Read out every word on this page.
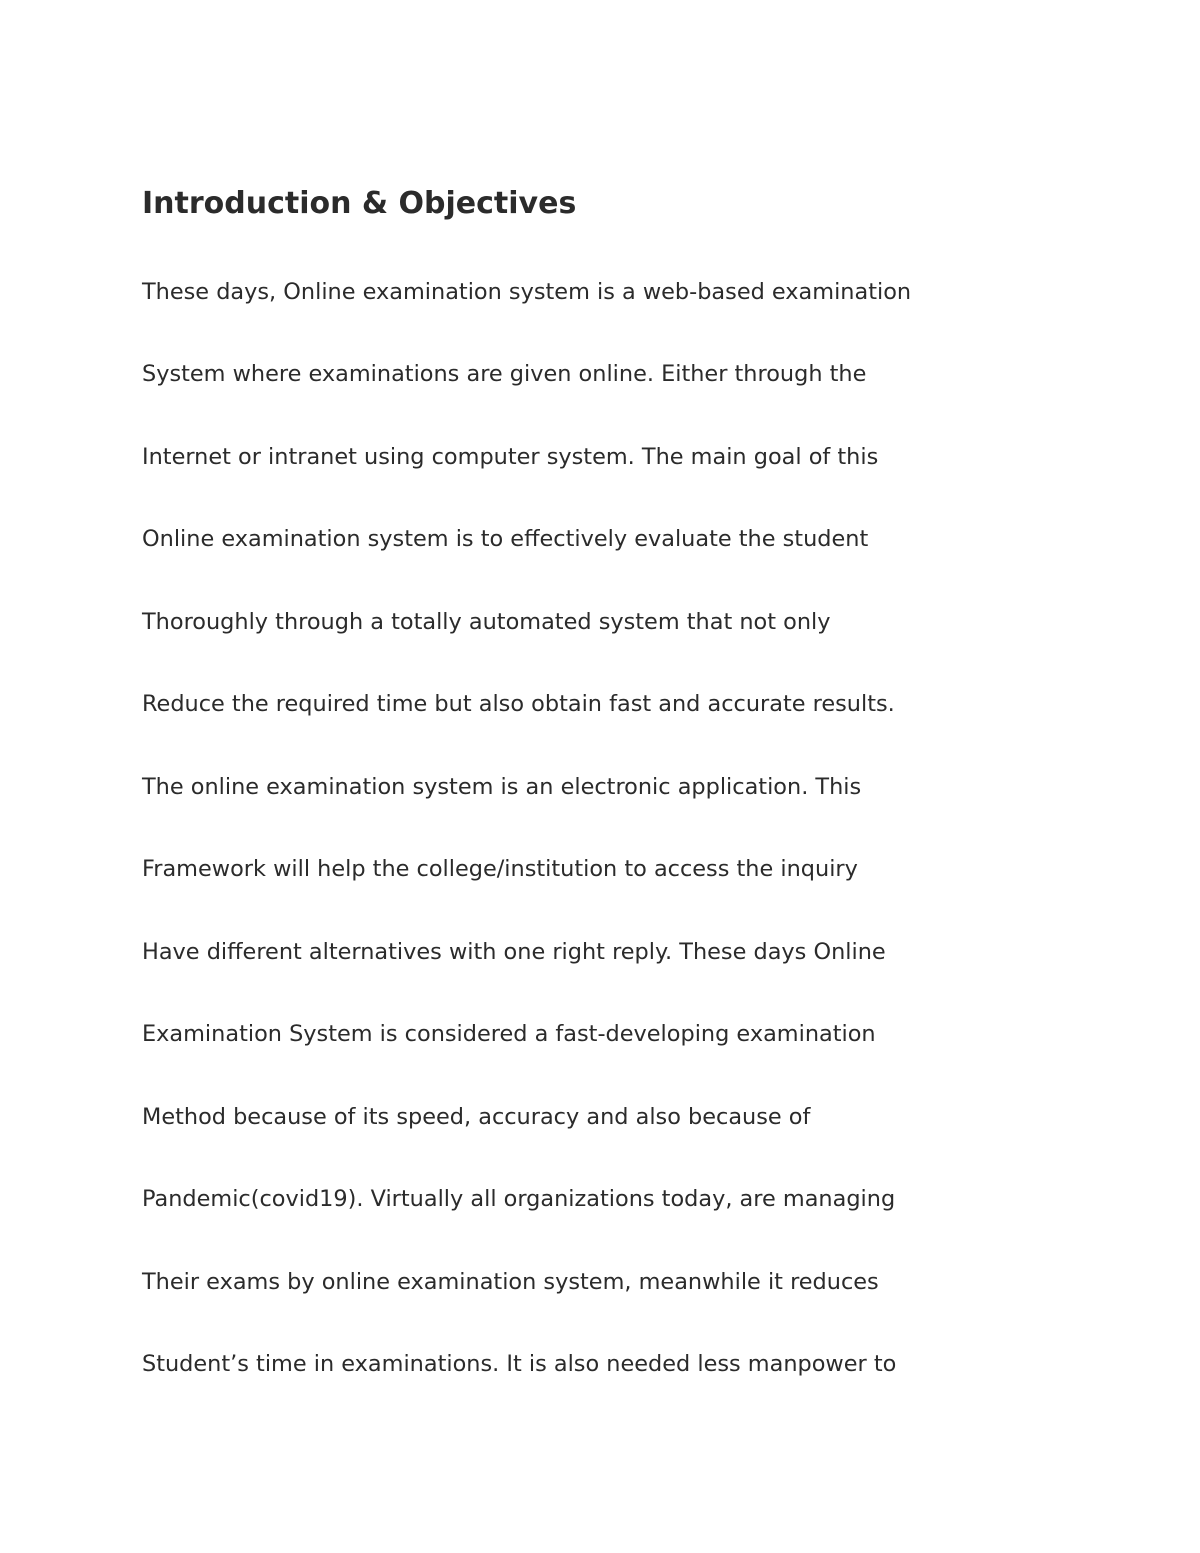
Introduction & Objectives

These days, Online examination system is a web-based examination

System where examinations are given online. Either through the

Internet or intranet using computer system. The main goal of this

Online examination system is to effectively evaluate the student

Thoroughly through a totally automated system that not only

Reduce the required time but also obtain fast and accurate results.

The online examination system is an electronic application. This

Framework will help the college/institution to access the inquiry

Have different alternatives with one right reply. These days Online

Examination System is considered a fast-developing examination

Method because of its speed, accuracy and also because of

Pandemic(covid19). Virtually all organizations today, are managing

Their exams by online examination system, meanwhile it reduces

Student’s time in examinations. It is also needed less manpower to
